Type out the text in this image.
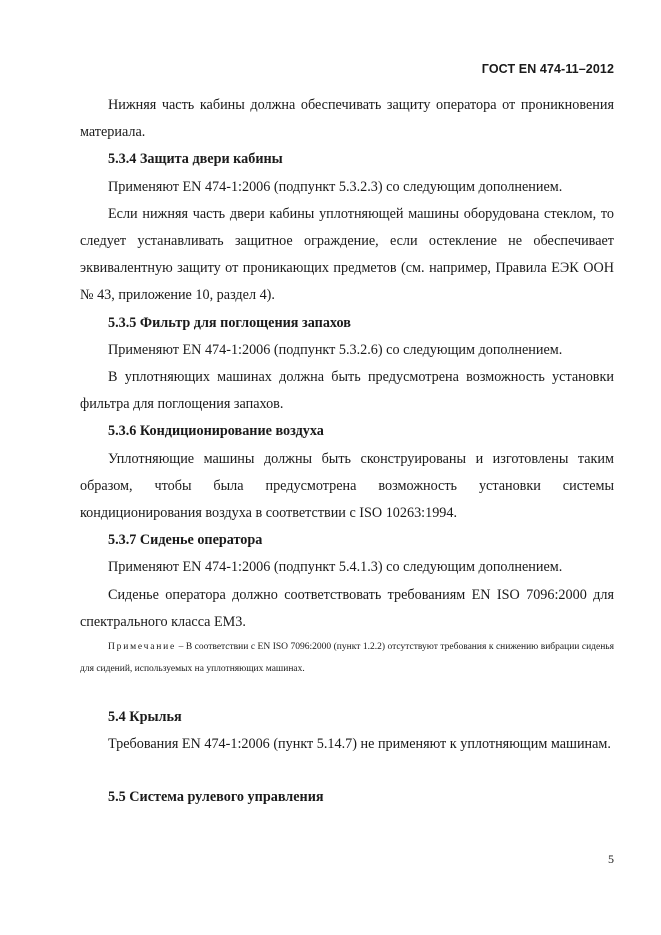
ГОСТ EN 474-11–2012

Нижняя часть кабины должна обеспечивать защиту оператора от проникновения материала.

5.3.4 Защита двери кабины

Применяют EN 474-1:2006 (подпункт 5.3.2.3) со следующим дополнением.

Если нижняя часть двери кабины уплотняющей машины оборудована стеклом, то следует устанавливать защитное ограждение, если остекление не обеспечивает эквивалентную защиту от проникающих предметов (см. например, Правила ЕЭК ООН № 43, приложение 10, раздел 4).

5.3.5 Фильтр для поглощения запахов

Применяют EN 474-1:2006 (подпункт 5.3.2.6) со следующим дополнением.

В уплотняющих машинах должна быть предусмотрена возможность установки фильтра для поглощения запахов.

5.3.6 Кондиционирование воздуха

Уплотняющие машины должны быть сконструированы и изготовлены таким образом, чтобы была предусмотрена возможность установки системы кондиционирования воздуха в соответствии с ISO 10263:1994.

5.3.7 Сиденье оператора

Применяют EN 474-1:2006 (подпункт 5.4.1.3) со следующим дополнением.

Сиденье оператора должно соответствовать требованиям EN ISO 7096:2000 для спектрального класса ЕМ3.

Примечание – В соответствии с EN ISO 7096:2000 (пункт 1.2.2) отсутствуют требования к снижению вибрации сиденья для сидений, используемых на уплотняющих машинах.

5.4 Крылья

Требования EN 474-1:2006 (пункт 5.14.7) не применяют к уплотняющим машинам.

5.5 Система рулевого управления

5
